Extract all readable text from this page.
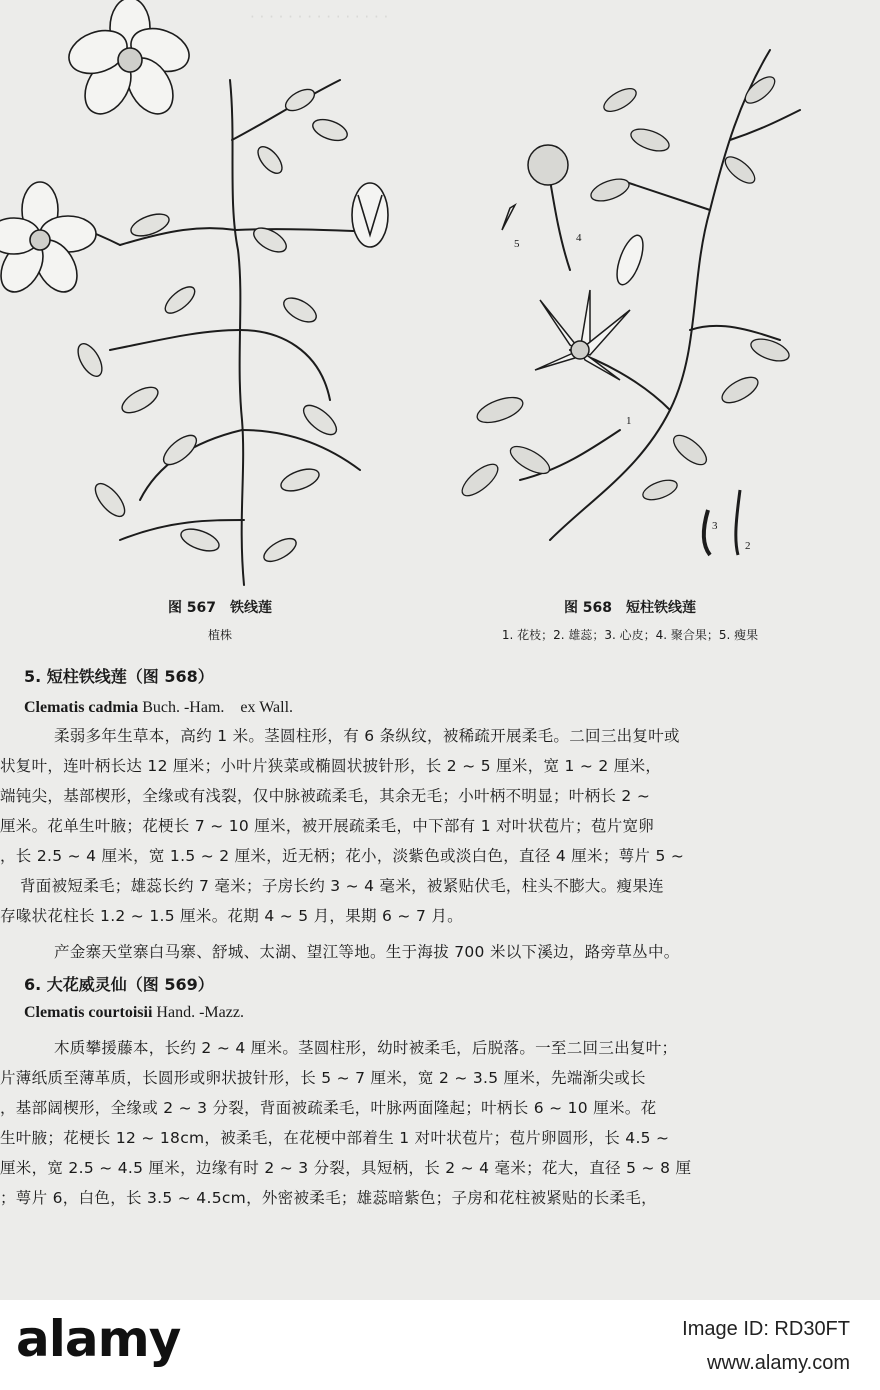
· · · · · · · · · · · · · · ·
4
5
1
2
3
图 567　铁线莲
植株
图 568　短柱铁线莲
1. 花枝；2. 雄蕊；3. 心皮；4. 聚合果；5. 瘦果
5. 短柱铁线莲（图 568）
Clematis cadmia Buch. -Ham.　ex Wall.
柔弱多年生草本，高约 1 米。茎圆柱形，有 6 条纵纹，被稀疏开展柔毛。二回三出复叶或
状复叶，连叶柄长达 12 厘米；小叶片狭菜或椭圆状披针形，长 2 ~ 5 厘米，宽 1 ~ 2 厘米，
端钝尖，基部楔形，全缘或有浅裂，仅中脉被疏柔毛，其余无毛；小叶柄不明显；叶柄长 2 ~
厘米。花单生叶腋；花梗长 7 ~ 10 厘米，被开展疏柔毛，中下部有 1 对叶状苞片；苞片宽卵
，长 2.5 ~ 4 厘米，宽 1.5 ~ 2 厘米，近无柄；花小，淡紫色或淡白色，直径 4 厘米；萼片 5 ~
背面被短柔毛；雄蕊长约 7 毫米；子房长约 3 ~ 4 毫米，被紧贴伏毛，柱头不膨大。瘦果连
存喙状花柱长 1.2 ~ 1.5 厘米。花期 4 ~ 5 月，果期 6 ~ 7 月。
产金寨天堂寨白马寨、舒城、太湖、望江等地。生于海拔 700 米以下溪边，路旁草丛中。
6. 大花威灵仙（图 569）
Clematis courtoisii Hand. -Mazz.
木质攀援藤本，长约 2 ~ 4 厘米。茎圆柱形，幼时被柔毛，后脱落。一至二回三出复叶；
片薄纸质至薄革质，长圆形或卵状披针形，长 5 ~ 7 厘米，宽 2 ~ 3.5 厘米，先端渐尖或长
，基部阔楔形，全缘或 2 ~ 3 分裂，背面被疏柔毛，叶脉两面隆起；叶柄长 6 ~ 10 厘米。花
生叶腋；花梗长 12 ~ 18cm，被柔毛，在花梗中部着生 1 对叶状苞片；苞片卵圆形，长 4.5 ~
厘米，宽 2.5 ~ 4.5 厘米，边缘有时 2 ~ 3 分裂，具短柄，长 2 ~ 4 毫米；花大，直径 5 ~ 8 厘
；萼片 6，白色，长 3.5 ~ 4.5cm，外密被柔毛；雄蕊暗紫色；子房和花柱被紧贴的长柔毛，
alamy	Image ID: RD30FT
www.alamy.com
